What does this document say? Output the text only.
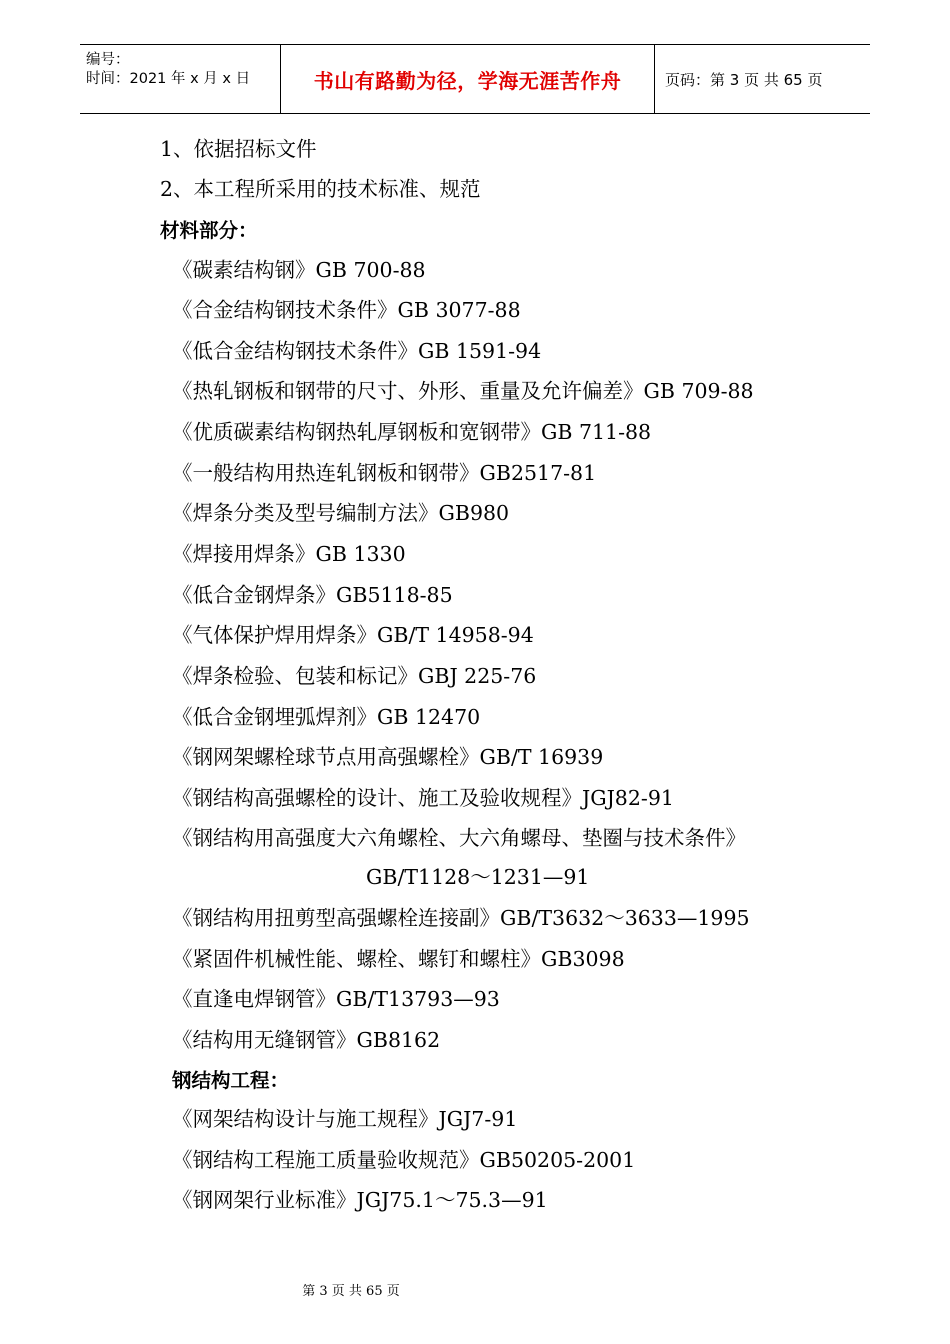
编号：
时间：2021 年 x 月 x 日	书山有路勤为径，学海无涯苦作舟	页码：第 3 页 共 65 页
1、依据招标文件
2、本工程所采用的技术标准、规范
材料部分：
《碳素结构钢》GB 700-88
《合金结构钢技术条件》GB 3077-88
《低合金结构钢技术条件》GB 1591-94
《热轧钢板和钢带的尺寸、外形、重量及允许偏差》GB 709-88
《优质碳素结构钢热轧厚钢板和宽钢带》GB 711-88
《一般结构用热连轧钢板和钢带》GB2517-81
《焊条分类及型号编制方法》GB980
《焊接用焊条》GB 1330
《低合金钢焊条》GB5118-85
《气体保护焊用焊条》GB/T 14958-94
《焊条检验、包装和标记》GBJ 225-76
《低合金钢埋弧焊剂》GB 12470
《钢网架螺栓球节点用高强螺栓》GB/T 16939
《钢结构高强螺栓的设计、施工及验收规程》JGJ82-91
《钢结构用高强度大六角螺栓、大六角螺母、垫圈与技术条件》
GB/T1128～1231—91
《钢结构用扭剪型高强螺栓连接副》GB/T3632～3633—1995
《紧固件机械性能、螺栓、螺钉和螺柱》GB3098
《直逢电焊钢管》GB/T13793—93
《结构用无缝钢管》GB8162
钢结构工程：
《网架结构设计与施工规程》JGJ7-91
《钢结构工程施工质量验收规范》GB50205-2001
《钢网架行业标准》JGJ75.1～75.3—91
第 3 页 共 65 页
